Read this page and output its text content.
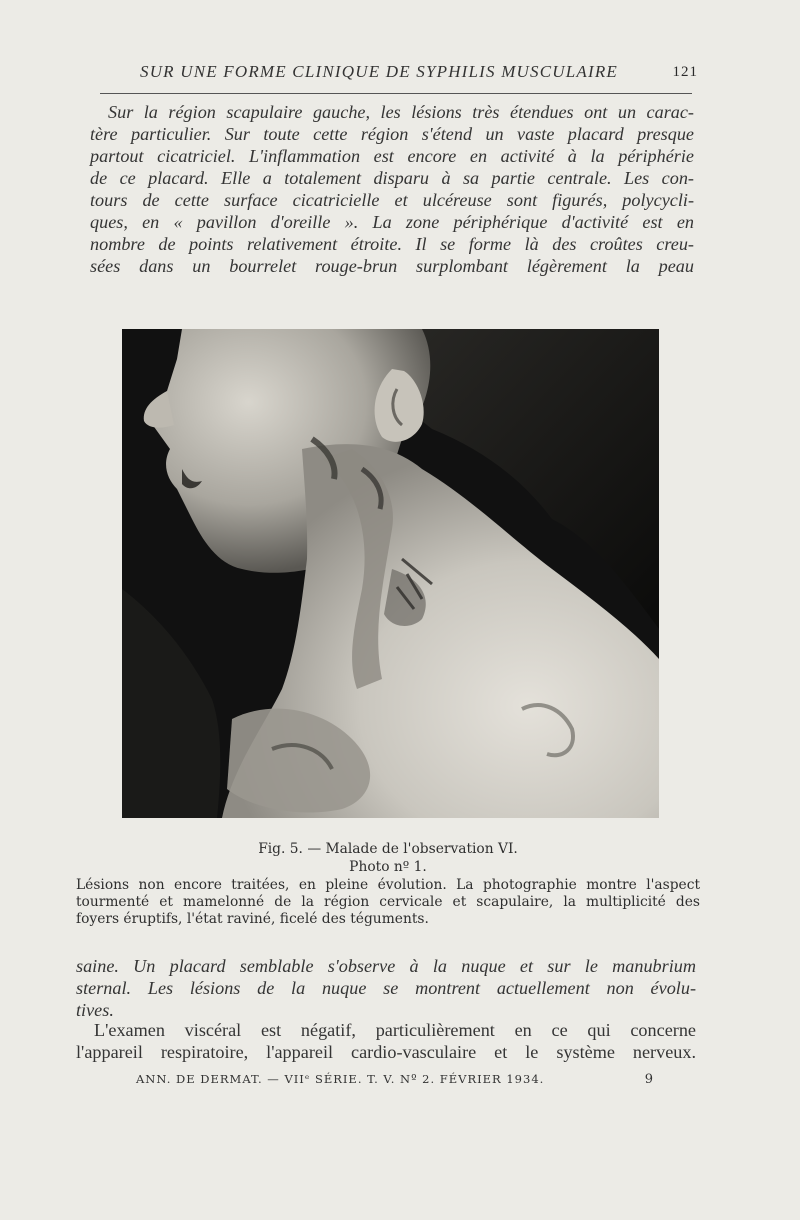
SUR UNE FORME CLINIQUE DE SYPHILIS MUSCULAIRE	121
Sur la région scapulaire gauche, les lésions très étendues ont un carac-
tère particulier. Sur toute cette région s'étend un vaste placard presque
partout cicatriciel. L'inflammation est encore en activité à la périphérie
de ce placard. Elle a totalement disparu à sa partie centrale. Les con-
tours de cette surface cicatricielle et ulcéreuse sont figurés, polycycli-
ques, en « pavillon d'oreille ». La zone périphérique d'activité est en
nombre de points relativement étroite. Il se forme là des croûtes creu-
sées dans un bourrelet rouge-brun surplombant légèrement la peau
Fig. 5. — Malade de l'observation VI.
Photo nº 1.
Lésions non encore traitées, en pleine évolution. La photographie montre l'aspect
tourmenté et mamelonné de la région cervicale et scapulaire, la multiplicité des
foyers éruptifs, l'état raviné, ficelé des téguments.
saine. Un placard semblable s'observe à la nuque et sur le manubrium
sternal. Les lésions de la nuque se montrent actuellement non évolu-
tives.
L'examen viscéral est négatif, particulièrement en ce qui concerne
l'appareil respiratoire, l'appareil cardio-vasculaire et le système nerveux.
ANN. DE DERMAT. — VIIᵉ SÉRIE. T. V. Nº 2. FÉVRIER 1934.	9
